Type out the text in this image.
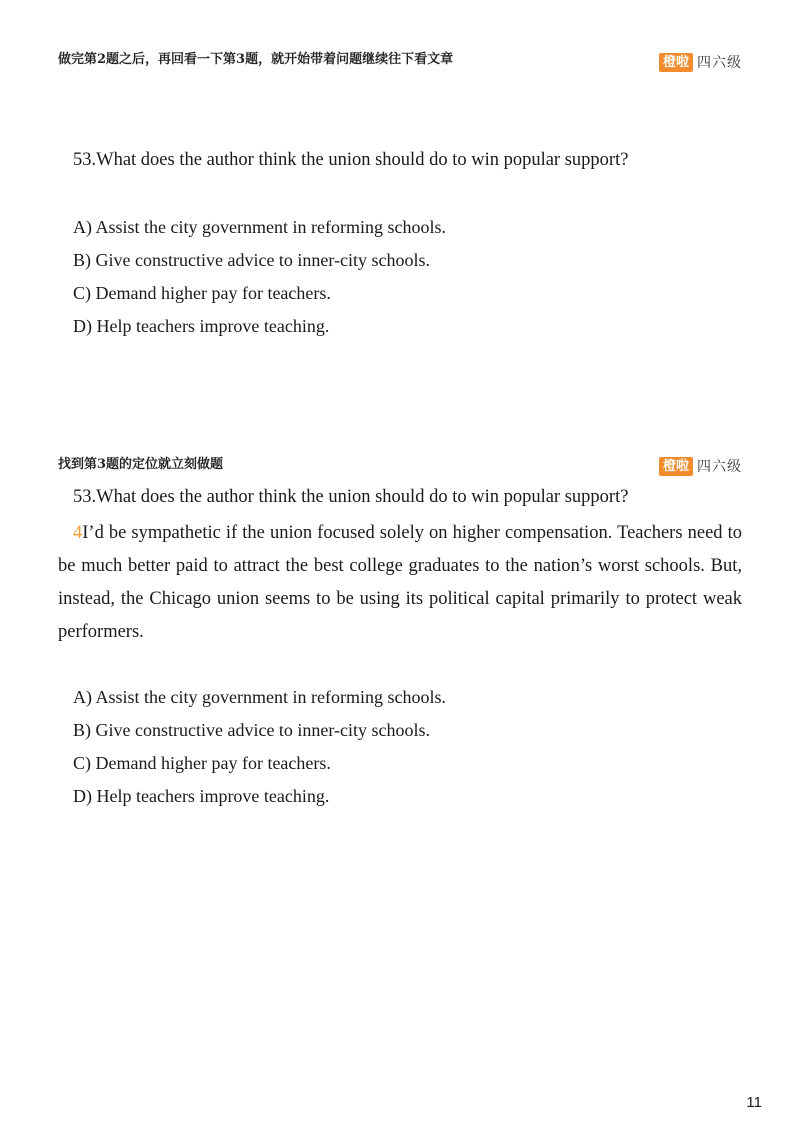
做完第2题之后，再回看一下第3题，就开始带着问题继续往下看文章	橙啦 四六级
53.What does the author think the union should do to win popular support?
A) Assist the city government in reforming schools.
B) Give constructive advice to inner-city schools.
C) Demand higher pay for teachers.
D) Help teachers improve teaching.
找到第3题的定位就立刻做题	橙啦 四六级
53.What does the author think the union should do to win popular support?
4I’d be sympathetic if the union focused solely on higher compensation. Teachers need to be much better paid to attract the best college graduates to the nation’s worst schools. But, instead, the Chicago union seems to be using its political capital primarily to protect weak performers.
A) Assist the city government in reforming schools.
B) Give constructive advice to inner-city schools.
C) Demand higher pay for teachers.
D) Help teachers improve teaching.
11
